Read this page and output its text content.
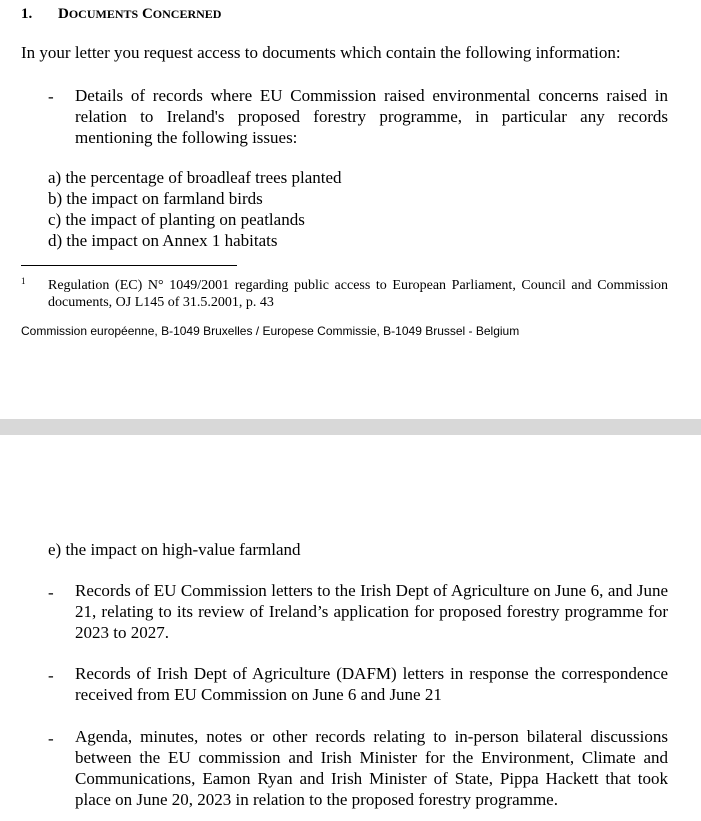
1. DOCUMENTS CONCERNED
In your letter you request access to documents which contain the following information:
- Details of records where EU Commission raised environmental concerns raised in relation to Ireland's proposed forestry programme, in particular any records mentioning the following issues:
a) the percentage of broadleaf trees planted
b) the impact on farmland birds
c) the impact of planting on peatlands
d) the impact on Annex 1 habitats
1 Regulation (EC) N° 1049/2001 regarding public access to European Parliament, Council and Commission documents, OJ L145 of 31.5.2001, p. 43
Commission européenne, B-1049 Bruxelles / Europese Commissie, B-1049 Brussel - Belgium
e) the impact on high-value farmland
- Records of EU Commission letters to the Irish Dept of Agriculture on June 6, and June 21, relating to its review of Ireland’s application for proposed forestry programme for 2023 to 2027.
- Records of Irish Dept of Agriculture (DAFM) letters in response the correspondence received from EU Commission on June 6 and June 21
- Agenda, minutes, notes or other records relating to in-person bilateral discussions between the EU commission and Irish Minister for the Environment, Climate and Communications, Eamon Ryan and Irish Minister of State, Pippa Hackett that took place on June 20, 2023 in relation to the proposed forestry programme.
